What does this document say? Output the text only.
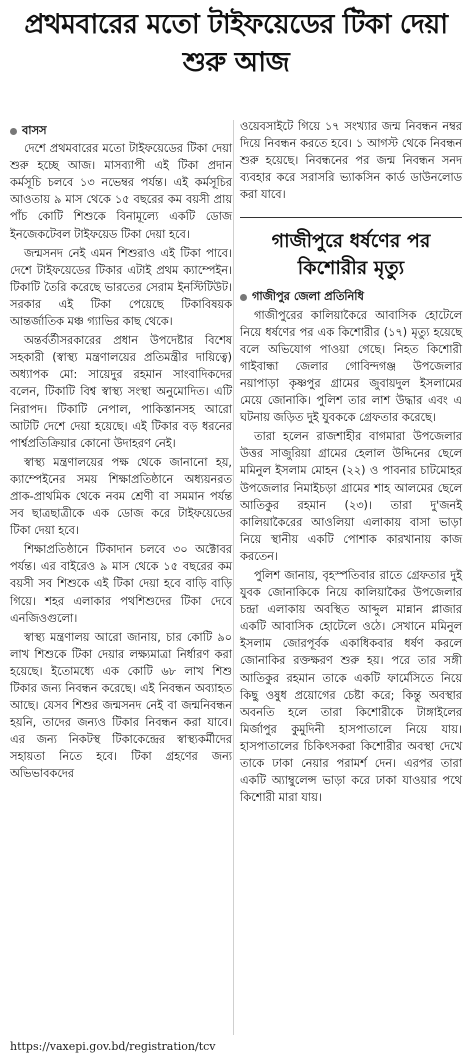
প্রথমবারের মতো টাইফয়েডের টিকা দেয়া শুরু আজ
বাসস

দেশে প্রথমবারের মতো টাইফয়েডের টিকা দেয়া শুরু হচ্ছে আজ। মাসব্যাপী এই টিকা প্রদান কর্মসূচি চলবে ১৩ নভেম্বর পর্যন্ত। এই কর্মসূচির আওতায় ৯ মাস থেকে ১৫ বছরের কম বয়সী প্রায় পাঁচ কোটি শিশুকে বিনামূল্যে একটি ডোজ ইনজেকটেবল টাইফয়েড টিকা দেয়া হবে।

জন্মসনদ নেই এমন শিশুরাও এই টিকা পাবে। দেশে টাইফয়েডের টিকার এটাই প্রথম ক্যাম্পেইন। টিকাটি তৈরি করেছে ভারতের সেরাম ইনস্টিটিউট। সরকার এই টিকা পেয়েছে টিকাবিষয়ক আন্তর্জাতিক মঞ্চ গ্যাভির কাছ থেকে।

অন্তর্বর্তীসরকারের প্রধান উপদেষ্টার বিশেষ সহকারী (স্বাস্থ্য মন্ত্রণালয়ের প্রতিমন্ত্রীর দায়িত্বে) অধ্যাপক মো: সায়েদুর রহমান সাংবাদিকদের বলেন, টিকাটি বিশ্ব স্বাস্থ্য সংস্থা অনুমোদিত। এটি নিরাপদ। টিকাটি নেপাল, পাকিস্তানসহ আরো আটটি দেশে দেয়া হয়েছে। এই টিকার বড় ধরনের পার্শ্বপ্রতিক্রিয়ার কোনো উদাহরণ নেই।

স্বাস্থ্য মন্ত্রণালয়ের পক্ষ থেকে জানানো হয়, ক্যাম্পেইনের সময় শিক্ষাপ্রতিষ্ঠানে অধ্যয়নরত প্রাক-প্রাথমিক থেকে নবম শ্রেণী বা সমমান পর্যন্ত সব ছাত্রছাত্রীকে এক ডোজ করে টাইফয়েডের টিকা দেয়া হবে।

শিক্ষাপ্রতিষ্ঠানে টিকাদান চলবে ৩০ অক্টোবর পর্যন্ত। এর বাইরেও ৯ মাস থেকে ১৫ বছরের কম বয়সী সব শিশুকে এই টিকা দেয়া হবে বাড়ি বাড়ি গিয়ে। শহর এলাকার পথশিশুদের টিকা দেবে এনজিওগুলো।

স্বাস্থ্য মন্ত্রণালয় আরো জানায়, চার কোটি ৯০ লাখ শিশুকে টিকা দেয়ার লক্ষ্যমাত্রা নির্ধারণ করা হয়েছে। ইতোমধ্যে এক কোটি ৬৮ লাখ শিশু টিকার জন্য নিবন্ধন করেছে। এই নিবন্ধন অব্যাহত আছে। যেসব শিশুর জন্মসনদ নেই বা জন্মনিবন্ধন হয়নি, তাদের জন্যও টিকার নিবন্ধন করা যাবে। এর জন্য নিকটস্থ টিকাকেন্দ্রের স্বাস্থ্যকর্মীদের সহায়তা নিতে হবে। টিকা গ্রহণের জন্য অভিভাবকদের

ওয়েবসাইটে গিয়ে ১৭ সংখ্যার জন্ম নিবন্ধন নম্বর দিয়ে নিবন্ধন করতে হবে। ১ আগস্ট থেকে নিবন্ধন শুরু হয়েছে। নিবন্ধনের পর জন্ম নিবন্ধন সনদ ব্যবহার করে সরাসরি ভ্যাকসিন কার্ড ডাউনলোড করা যাবে।

গাজীপুরে ধর্ষণের পর কিশোরীর মৃত্যু
গাজীপুর জেলা প্রতিনিধি

গাজীপুরের কালিয়াকৈরে আবাসিক হোটেলে নিয়ে ধর্ষণের পর এক কিশোরীর (১৭) মৃত্যু হয়েছে বলে অভিযোগ পাওয়া গেছে। নিহত কিশোরী গাইবান্ধা জেলার গোবিন্দগঞ্জ উপজেলার নয়াপাড়া কৃষ্ণপুর গ্রামের জুবায়দুল ইসলামের মেয়ে জোনাকি। পুলিশ তার লাশ উদ্ধার এবং এ ঘটনায় জড়িত দুই যুবককে গ্রেফতার করেছে।

তারা হলেন রাজশাহীর বাগমারা উপজেলার উত্তর সাজুরিয়া গ্রামের হেলাল উদ্দিনের ছেলে মমিনুল ইসলাম মোহন (২২) ও পাবনার চাটমোহর উপজেলার নিমাইচড়া গ্রামের শাহ আলমের ছেলে আতিকুর রহমান (২৩)। তারা দু'জনই কালিয়াকৈরের আওলিয়া এলাকায় বাসা ভাড়া নিয়ে স্থানীয় একটি পোশাক কারখানায় কাজ করতেন।

পুলিশ জানায়, বৃহস্পতিবার রাতে গ্রেফতার দুই যুবক জোনাকিকে নিয়ে কালিয়াকৈর উপজেলার চন্দ্রা এলাকায় অবস্থিত আব্দুল মান্নান প্লাজার একটি আবাসিক হোটেলে ওঠে। সেখানে মমিনুল ইসলাম জোরপূর্বক একাধিকবার ধর্ষণ করলে জোনাকির রক্তক্ষরণ শুরু হয়। পরে তার সঙ্গী আতিকুর রহমান তাকে একটি ফার্মেসিতে নিয়ে কিছু ওষুধ প্রয়োগের চেষ্টা করে; কিন্তু অবস্থার অবনতি হলে তারা কিশোরীকে টাঙ্গাইলের মির্জাপুর কুমুদিনী হাসপাতালে নিয়ে যায়। হাসপাতালের চিকিৎসকরা কিশোরীর অবস্থা দেখে তাকে ঢাকা নেয়ার পরামর্শ দেন। এরপর তারা একটি অ্যাম্বুলেন্স ভাড়া করে ঢাকা যাওয়ার পথে কিশোরী মারা যায়।

https://vaxepi.gov.bd/registration/tcv
